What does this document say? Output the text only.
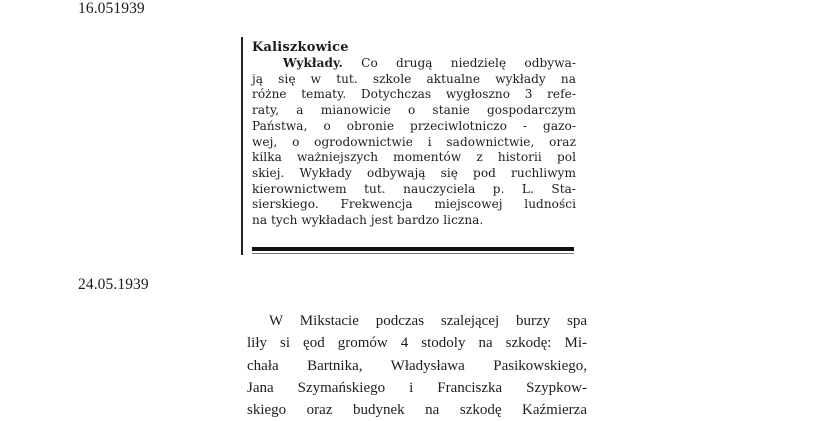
16.051939
Kaliszkowice
Wykłady. Co drugą niedzielę odbywa-
ją się w tut. szkole aktualne wykłady na
różne tematy. Dotychczas wygłoszno 3 refe-
raty, a mianowicie o stanie gospodarczym
Państwa, o obronie przeciwlotniczo - gazo-
wej, o ogrodownictwie i sadownictwie, oraz
kilka ważniejszych momentów z historii pol
skiej. Wykłady odbywają się pod ruchliwym
kierownictwem tut. nauczyciela p. L. Sta-
sierskiego. Frekwencja miejscowej ludności
na tych wykładach jest bardzo liczna.
24.05.1939
W Mikstacie podczas szalejącej burzy spa
liły si ęod gromów 4 stodoly na szkodę: Mi-
chała Bartnika, Władysława Pasikowskiego,
Jana Szymańskiego i Franciszka Szypkow-
skiego oraz budynek na szkodę Kaźmierza
